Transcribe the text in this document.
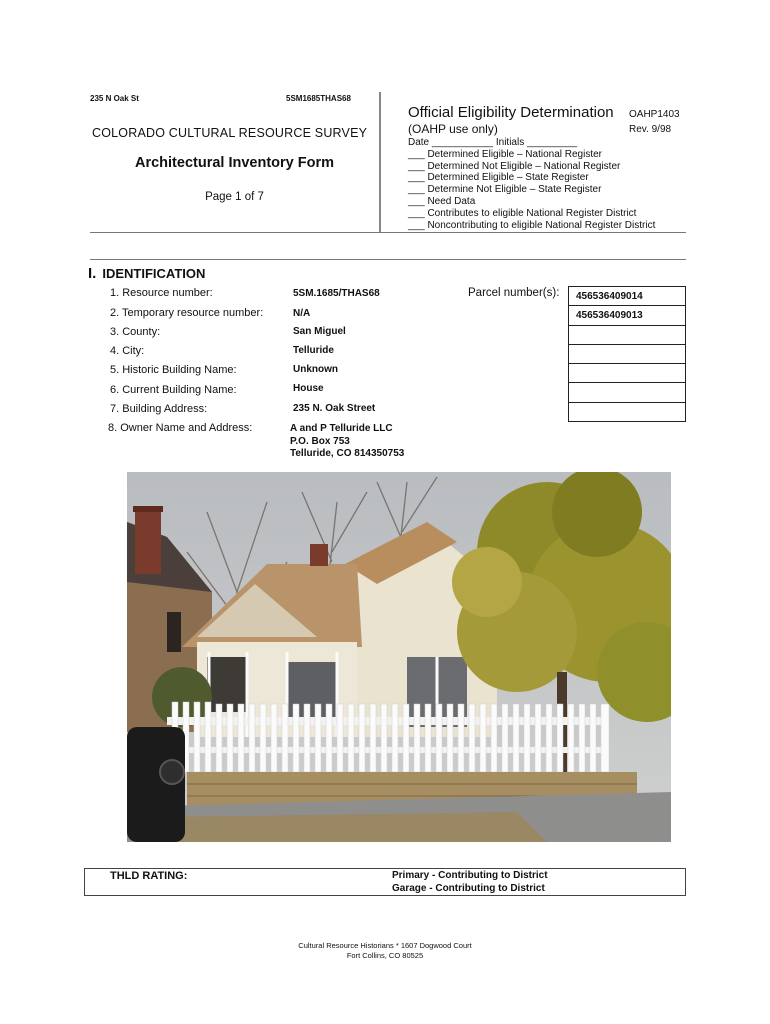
235 N Oak St	5SM1685THAS68
COLORADO CULTURAL RESOURCE SURVEY
Architectural Inventory Form
Page 1 of 7
Official Eligibility Determination
(OAHP use only)
OAHP1403
Rev. 9/98
Date ___________ Initials _________
___ Determined Eligible – National Register
___ Determined Not Eligible – National Register
___ Determined Eligible – State Register
___ Determine Not Eligible – State Register
___ Need Data
___ Contributes to eligible National Register District
___ Noncontributing to eligible National Register District
I. IDENTIFICATION
1. Resource number:	5SM.1685/THAS68
2. Temporary resource number:	N/A
3. County:	San Miguel
4. City:	Telluride
5. Historic Building Name:	Unknown
6. Current Building Name:	House
7. Building Address:	235 N. Oak Street
8. Owner Name and Address:	A and P Telluride LLC
P.O. Box 753
Telluride, CO 814350753
Parcel number(s): 456536409014
456536409013

THLD RATING:	Primary - Contributing to District
Garage - Contributing to District
Cultural Resource Historians * 1607 Dogwood Court
Fort Collins, CO 80525
